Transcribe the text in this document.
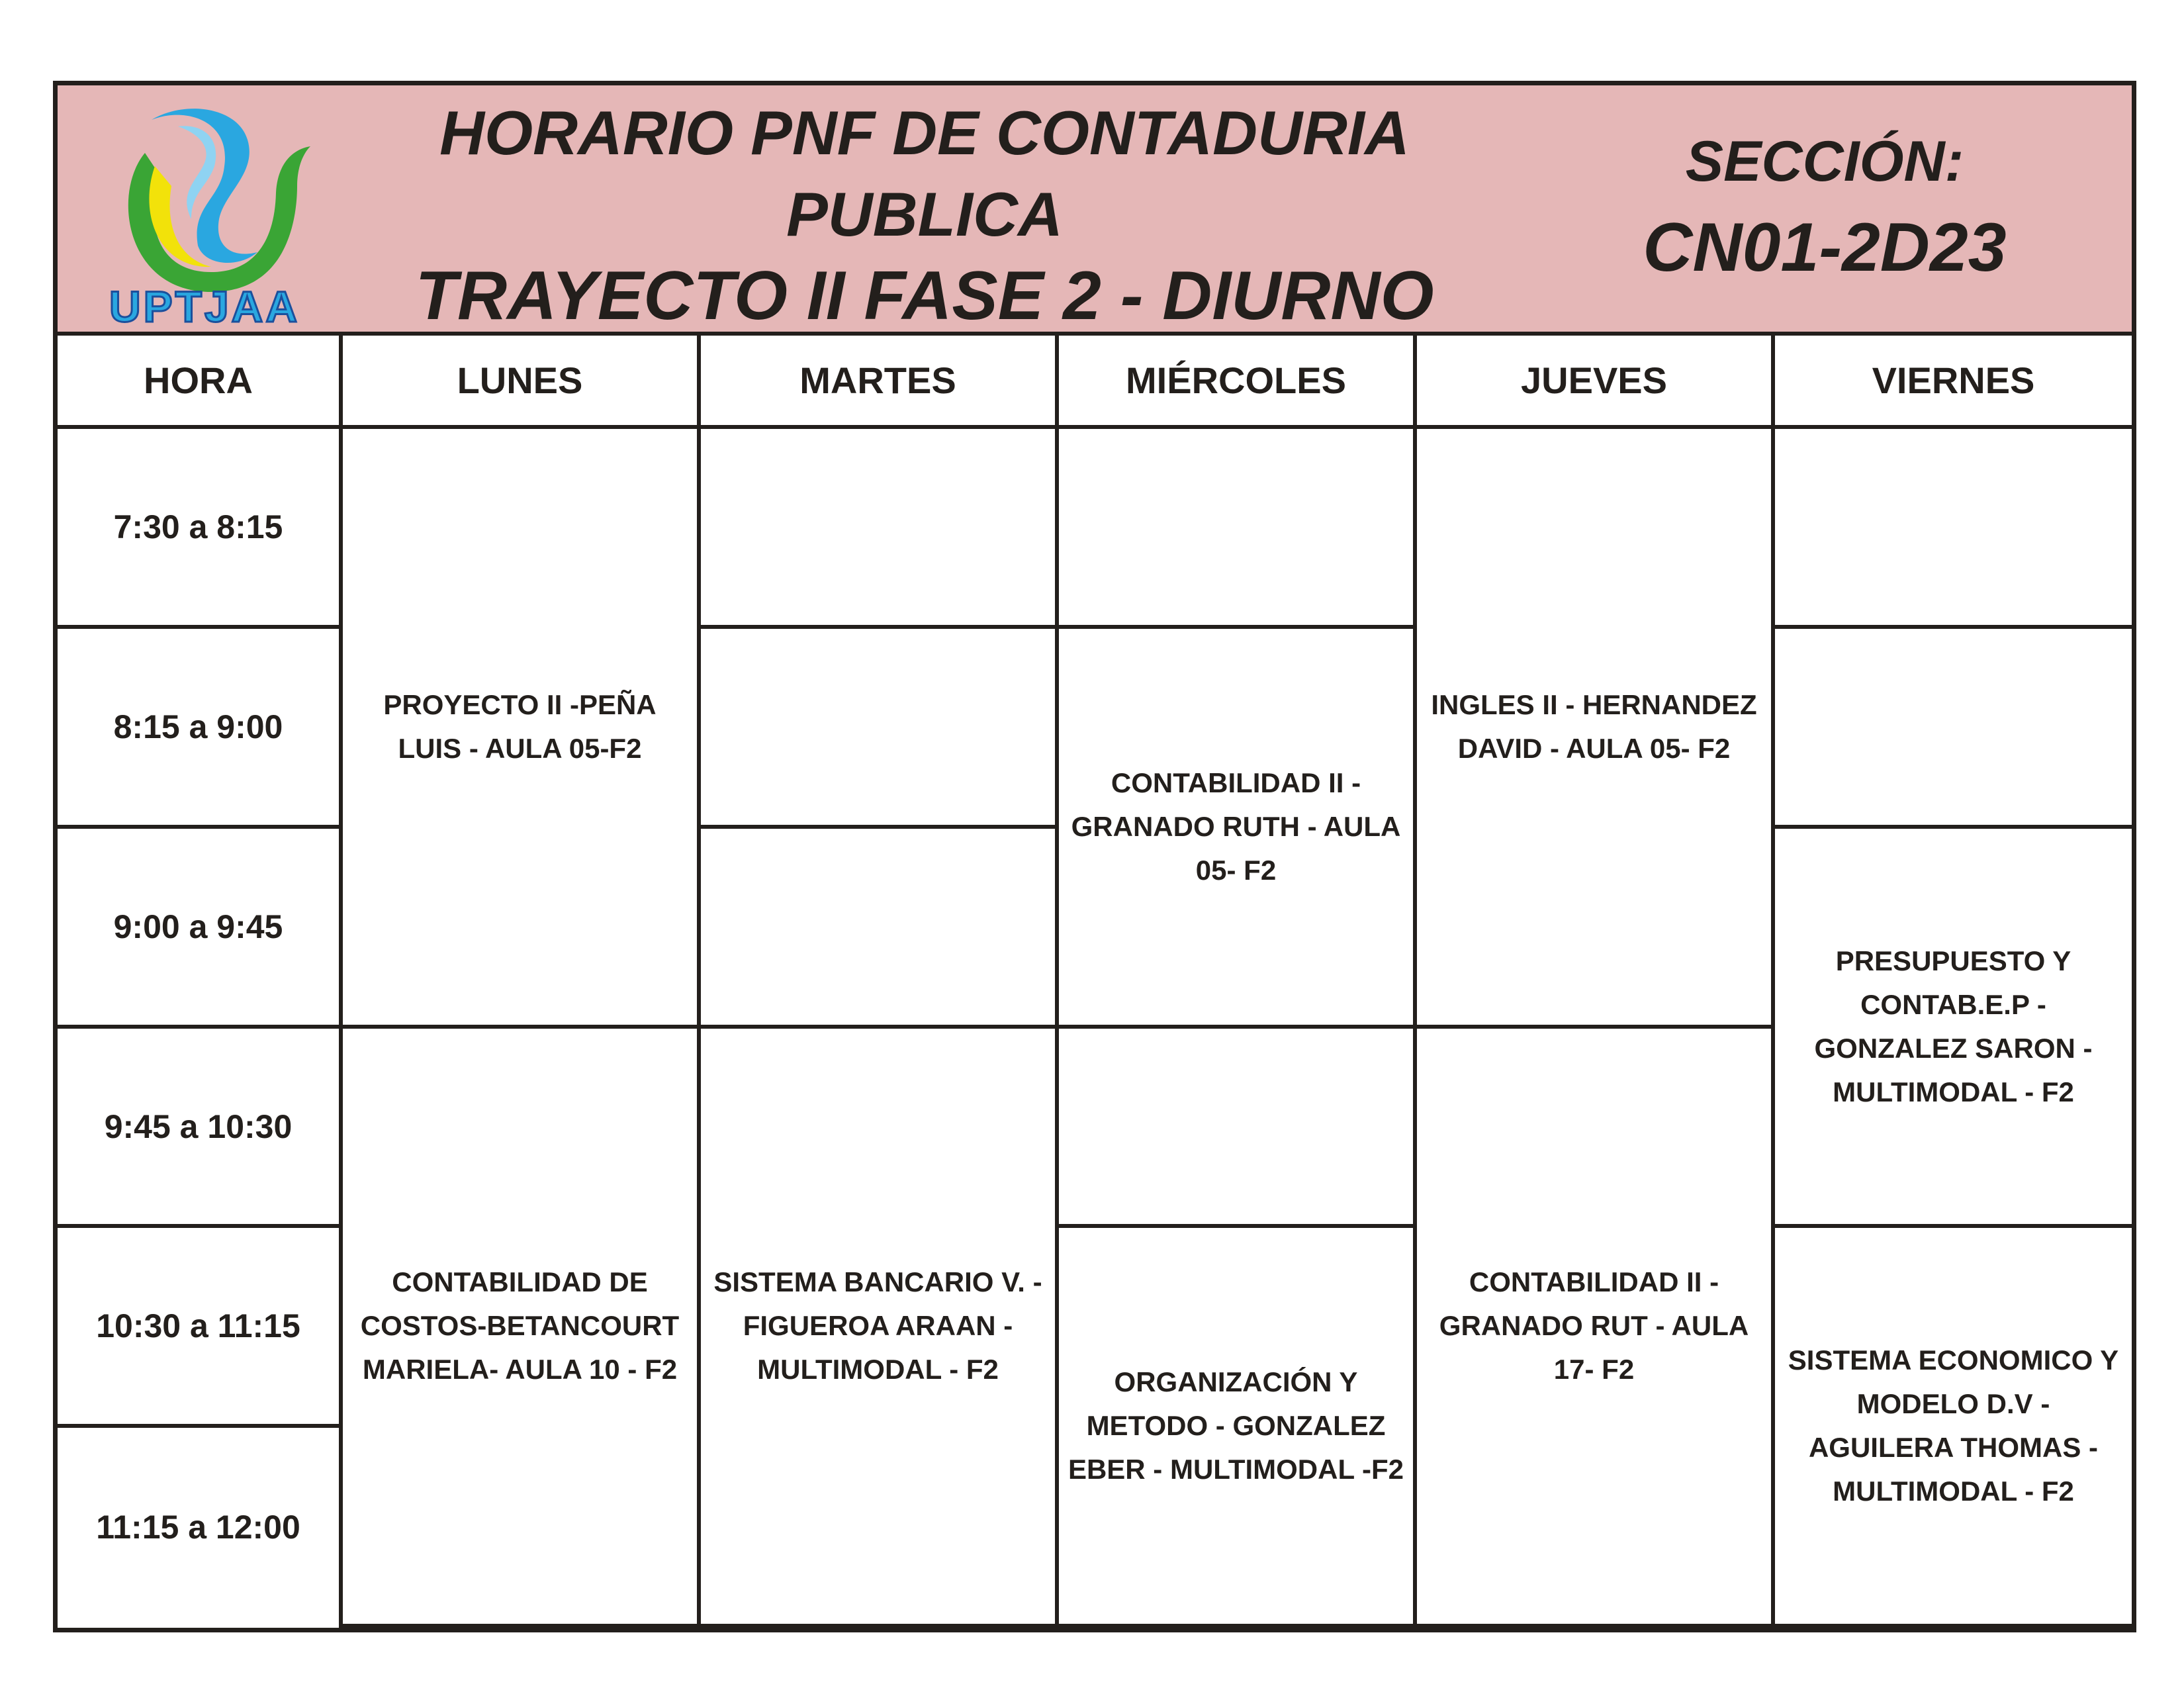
UPTJAA
HORARIO PNF DE CONTADURIA
PUBLICA
TRAYECTO II FASE 2 - DIURNO
SECCIÓN:
CN01-2D23
HORA	LUNES	MARTES	MIÉRCOLES	JUEVES	VIERNES
7:30 a 8:15	PROYECTO II -PEÑA LUIS - AULA 05-F2			INGLES II - HERNANDEZ DAVID - AULA 05- F2	
8:15 a 9:00			CONTABILIDAD II - GRANADO RUTH - AULA 05- F2		
9:00 a 9:45					PRESUPUESTO Y CONTAB.E.P - GONZALEZ SARON - MULTIMODAL - F2
9:45 a 10:30	CONTABILIDAD DE COSTOS-BETANCOURT MARIELA- AULA 10 - F2	SISTEMA BANCARIO V. - FIGUEROA ARAAN - MULTIMODAL - F2		CONTABILIDAD II - GRANADO RUT - AULA 17- F2	
10:30 a 11:15			ORGANIZACIÓN Y METODO - GONZALEZ EBER - MULTIMODAL -F2		SISTEMA ECONOMICO Y MODELO D.V - AGUILERA THOMAS - MULTIMODAL - F2
11:15 a 12:00					
